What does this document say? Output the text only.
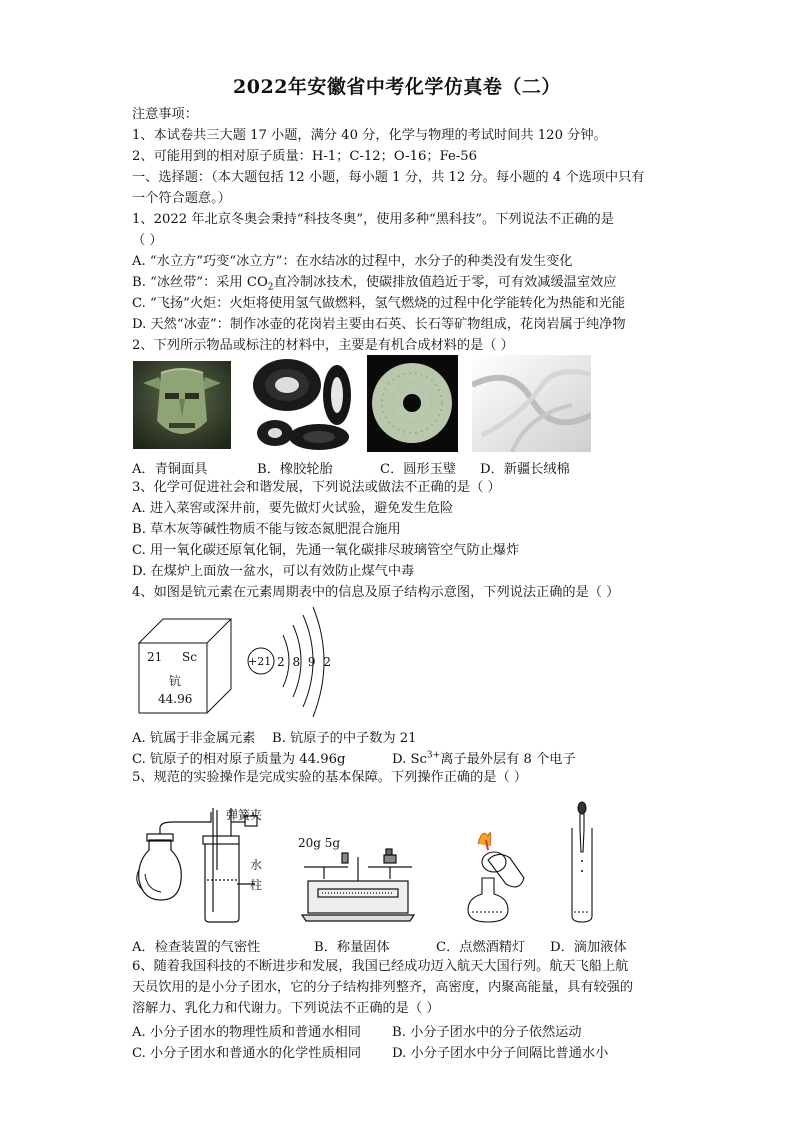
2022年安徽省中考化学仿真卷（二）
注意事项：
1、本试卷共三大题 17 小题，满分 40 分，化学与物理的考试时间共 120 分钟。
2、可能用到的相对原子质量：H-1；C-12；O-16；Fe-56
一、选择题：（本大题包括 12 小题，每小题 1 分，共 12 分。每小题的 4 个选项中只有
一个符合题意。）
1、2022 年北京冬奥会秉持“科技冬奥”，使用多种“黑科技”。下列说法不正确的是
（ ）
A. “水立方”巧变“冰立方”：在水结冰的过程中，水分子的种类没有发生变化
B. “冰丝带”：采用 $CO_2$直冷制冰技术，使碳排放值趋近于零，可有效减缓温室效应
C. “飞扬”火炬：火炬将使用氢气做燃料，氢气燃烧的过程中化学能转化为热能和光能
D. 天然“冰壶”：制作冰壶的花岗岩主要由石英、长石等矿物组成，花岗岩属于纯净物
2、下列所示物品或标注的材料中，主要是有机合成材料的是（ ）
A．青铜面具	B．橡胶轮胎	C．圆形玉璧 D．新疆长绒棉
3、化学可促进社会和谐发展，下列说法或做法不正确的是（ ）
A. 进入菜窖或深井前，要先做灯火试验，避免发生危险
B. 草木灰等碱性物质不能与铵态氮肥混合施用
C. 用一氧化碳还原氧化铜，先通一氧化碳排尽玻璃管空气防止爆炸
D. 在煤炉上面放一盆水，可以有效防止煤气中毒
4、如图是钪元素在元素周期表中的信息及原子结构示意图，下列说法正确的是（ ）
21 Sc
钪
44.96
+21 2 8 9 2
A. 钪属于非金属元素 B. 钪原子的中子数为 21
C. 钪原子的相对原子质量为 44.96g	D. $Sc^{3+}$离子最外层有 8 个电子
5、规范的实验操作是完成实验的基本保障。下列操作正确的是（ ）
弹簧夹
水
柱
20g 5g
A．检查装置的气密性	B．称量固体	C．点燃酒精灯 D．滴加液体
6、随着我国科技的不断进步和发展，我国已经成功迈入航天大国行列。航天飞船上航
天员饮用的是小分子团水，它的分子结构排列整齐，高密度，内聚高能量，具有较强的
溶解力、乳化力和代谢力。下列说法不正确的是（ ）
A. 小分子团水的物理性质和普通水相同 B. 小分子团水中的分子依然运动
C. 小分子团水和普通水的化学性质相同 D. 小分子团水中分子间隔比普通水小
